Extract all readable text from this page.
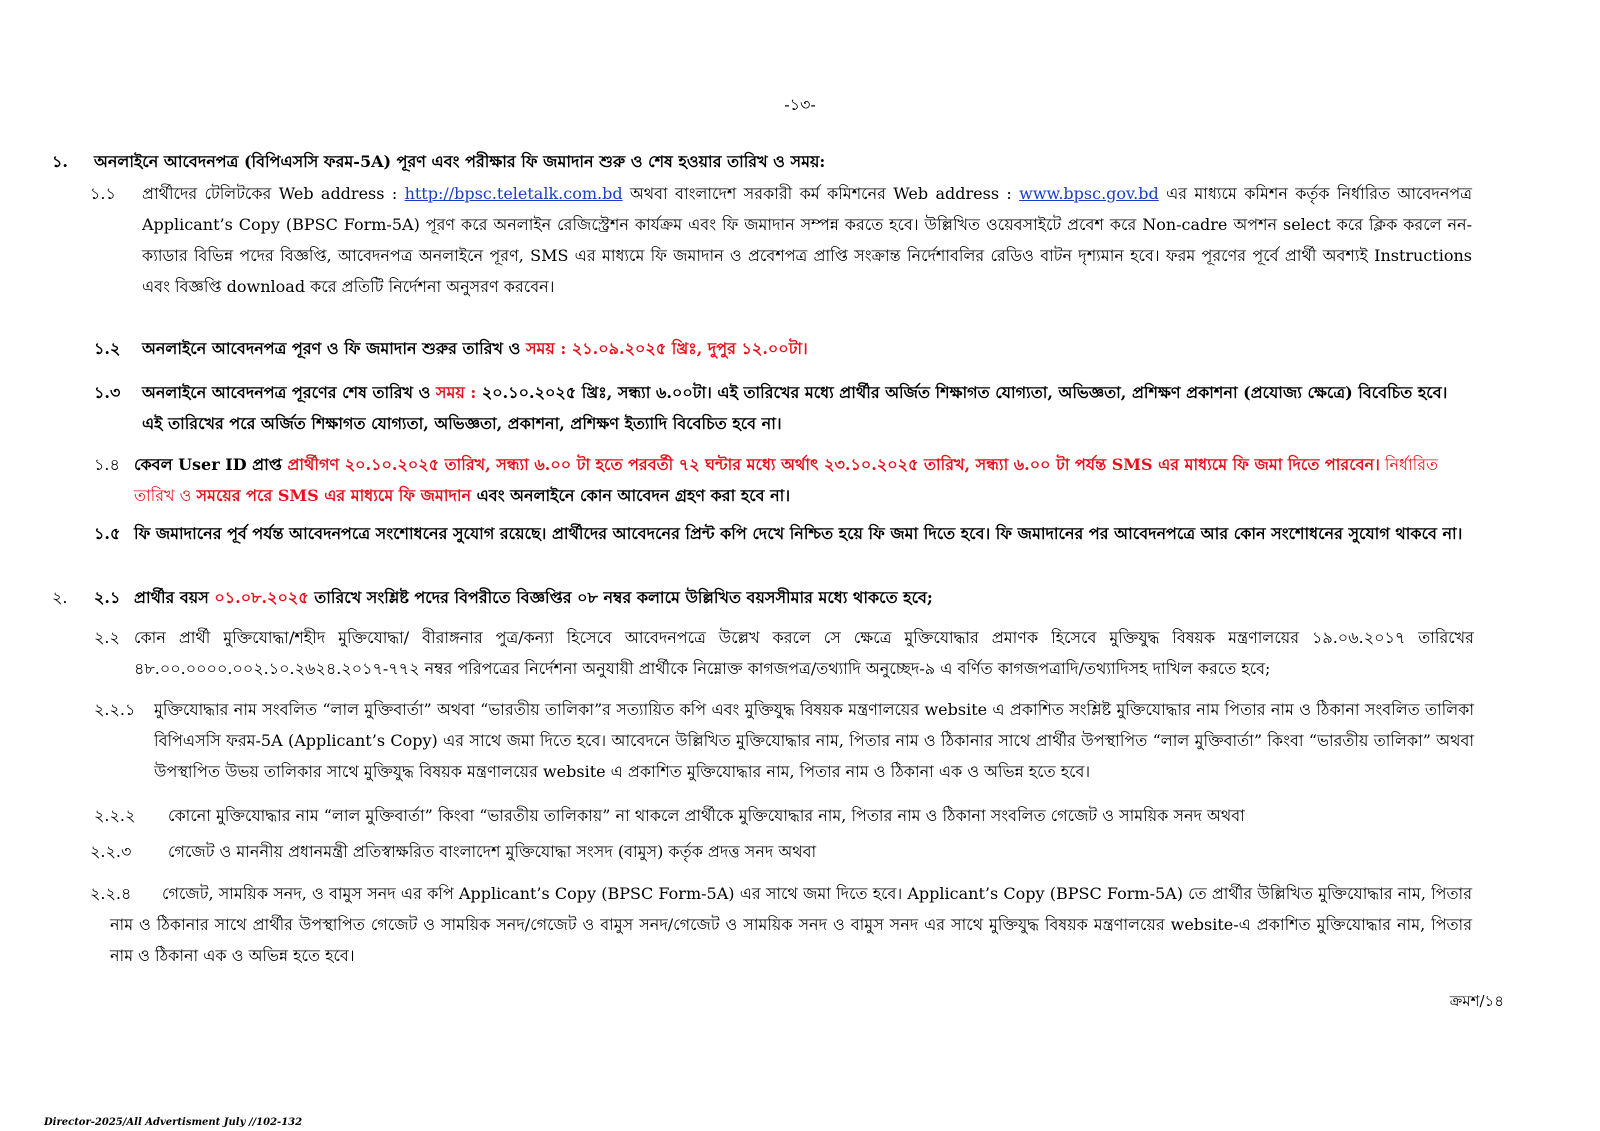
-১৩-
১. অনলাইনে আবেদনপত্র (বিপিএসসি ফরম-5A) পূরণ এবং পরীক্ষার ফি জমাদান শুরু ও শেষ হওয়ার তারিখ ও সময়:
১.১ প্রার্থীদের টেলিটকের Web address : http://bpsc.teletalk.com.bd অথবা বাংলাদেশ সরকারী কর্ম কমিশনের Web address : www.bpsc.gov.bd এর মাধ্যমে কমিশন কর্তৃক নির্ধারিত আবেদনপত্র Applicant’s Copy (BPSC Form-5A) পূরণ করে অনলাইন রেজিস্ট্রেশন কার্যক্রম এবং ফি জমাদান সম্পন্ন করতে হবে। উল্লিখিত ওয়েবসাইটে প্রবেশ করে Non-cadre অপশন select করে ক্লিক করলে নন-ক্যাডার বিভিন্ন পদের বিজ্ঞপ্তি, আবেদনপত্র অনলাইনে পূরণ, SMS এর মাধ্যমে ফি জমাদান ও প্রবেশপত্র প্রাপ্তি সংক্রান্ত নির্দেশাবলির রেডিও বাটন দৃশ্যমান হবে। ফরম পূরণের পূর্বে প্রার্থী অবশ্যই Instructions এবং বিজ্ঞপ্তি download করে প্রতিটি নির্দেশনা অনুসরণ করবেন।
১.২ অনলাইনে আবেদনপত্র পূরণ ও ফি জমাদান শুরুর তারিখ ও সময় : ২১.০৯.২০২৫ খ্রিঃ, দুপুর ১২.০০টা।
১.৩ অনলাইনে আবেদনপত্র পূরণের শেষ তারিখ ও সময় : ২০.১০.২০২৫ খ্রিঃ, সন্ধ্যা ৬.০০টা। এই তারিখের মধ্যে প্রার্থীর অর্জিত শিক্ষাগত যোগ্যতা, অভিজ্ঞতা, প্রশিক্ষণ প্রকাশনা (প্রযোজ্য ক্ষেত্রে) বিবেচিত হবে। এই তারিখের পরে অর্জিত শিক্ষাগত যোগ্যতা, অভিজ্ঞতা, প্রকাশনা, প্রশিক্ষণ ইত্যাদি বিবেচিত হবে না।
১.৪ কেবল User ID প্রাপ্ত প্রার্থীগণ ২০.১০.২০২৫ তারিখ, সন্ধ্যা ৬.০০ টা হতে পরবর্তী ৭২ ঘন্টার মধ্যে অর্থাৎ ২৩.১০.২০২৫ তারিখ, সন্ধ্যা ৬.০০ টা পর্যন্ত SMS এর মাধ্যমে ফি জমা দিতে পারবেন। নির্ধারিত তারিখ ও সময়ের পরে SMS এর মাধ্যমে ফি জমাদান এবং অনলাইনে কোন আবেদন গ্রহণ করা হবে না।
১.৫ ফি জমাদানের পূর্ব পর্যন্ত আবেদনপত্রে সংশোধনের সুযোগ রয়েছে। প্রার্থীদের আবেদনের প্রিন্ট কপি দেখে নিশ্চিত হয়ে ফি জমা দিতে হবে। ফি জমাদানের পর আবেদনপত্রে আর কোন সংশোধনের সুযোগ থাকবে না।
২. ২.১ প্রার্থীর বয়স ০১.০৮.২০২৫ তারিখে সংশ্লিষ্ট পদের বিপরীতে বিজ্ঞপ্তির ০৮ নম্বর কলামে উল্লিখিত বয়সসীমার মধ্যে থাকতে হবে;
২.২ কোন প্রার্থী মুক্তিযোদ্ধা/শহীদ মুক্তিযোদ্ধা/ বীরাঙ্গনার পুত্র/কন্যা হিসেবে আবেদনপত্রে উল্লেখ করলে সে ক্ষেত্রে মুক্তিযোদ্ধার প্রমাণক হিসেবে মুক্তিযুদ্ধ বিষয়ক মন্ত্রণালয়ের ১৯.০৬.২০১৭ তারিখের ৪৮.০০.০০০০.০০২.১০.২৬২৪.২০১৭-৭৭২ নম্বর পরিপত্রের নির্দেশনা অনুযায়ী প্রার্থীকে নিম্নোক্ত কাগজপত্র/তথ্যাদি অনুচ্ছেদ-৯ এ বর্ণিত কাগজপত্রাদি/তথ্যাদিসহ দাখিল করতে হবে;
২.২.১ মুক্তিযোদ্ধার নাম সংবলিত “লাল মুক্তিবার্তা” অথবা “ভারতীয় তালিকা”র সত্যায়িত কপি এবং মুক্তিযুদ্ধ বিষয়ক মন্ত্রণালয়ের website এ প্রকাশিত সংশ্লিষ্ট মুক্তিযোদ্ধার নাম পিতার নাম ও ঠিকানা সংবলিত তালিকা বিপিএসসি ফরম-5A (Applicant’s Copy) এর সাথে জমা দিতে হবে। আবেদনে উল্লিখিত মুক্তিযোদ্ধার নাম, পিতার নাম ও ঠিকানার সাথে প্রার্থীর উপস্থাপিত “লাল মুক্তিবার্তা” কিংবা “ভারতীয় তালিকা” অথবা উপস্থাপিত উভয় তালিকার সাথে মুক্তিযুদ্ধ বিষয়ক মন্ত্রণালয়ের website এ প্রকাশিত মুক্তিযোদ্ধার নাম, পিতার নাম ও ঠিকানা এক ও অভিন্ন হতে হবে।
২.২.২ কোনো মুক্তিযোদ্ধার নাম “লাল মুক্তিবার্তা” কিংবা “ভারতীয় তালিকায়” না থাকলে প্রার্থীকে মুক্তিযোদ্ধার নাম, পিতার নাম ও ঠিকানা সংবলিত গেজেট ও সাময়িক সনদ অথবা
২.২.৩ গেজেট ও মাননীয় প্রধানমন্ত্রী প্রতিস্বাক্ষরিত বাংলাদেশ মুক্তিযোদ্ধা সংসদ (বামুস) কর্তৃক প্রদত্ত সনদ অথবা
২.২.৪	গেজেট, সাময়িক সনদ, ও বামুস সনদ এর কপি Applicant’s Copy (BPSC Form-5A) এর সাথে জমা দিতে হবে। Applicant’s Copy (BPSC Form-5A) তে প্রার্থীর উল্লিখিত মুক্তিযোদ্ধার নাম, পিতার নাম ও ঠিকানার সাথে প্রার্থীর উপস্থাপিত গেজেট ও সাময়িক সনদ/গেজেট ও বামুস সনদ/গেজেট ও সাময়িক সনদ ও বামুস সনদ এর সাথে মুক্তিযুদ্ধ বিষয়ক মন্ত্রণালয়ের website-এ প্রকাশিত মুক্তিযোদ্ধার নাম, পিতার নাম ও ঠিকানা এক ও অভিন্ন হতে হবে।
ক্রমশ/১৪
Director-2025/All Advertisment July //102-132
